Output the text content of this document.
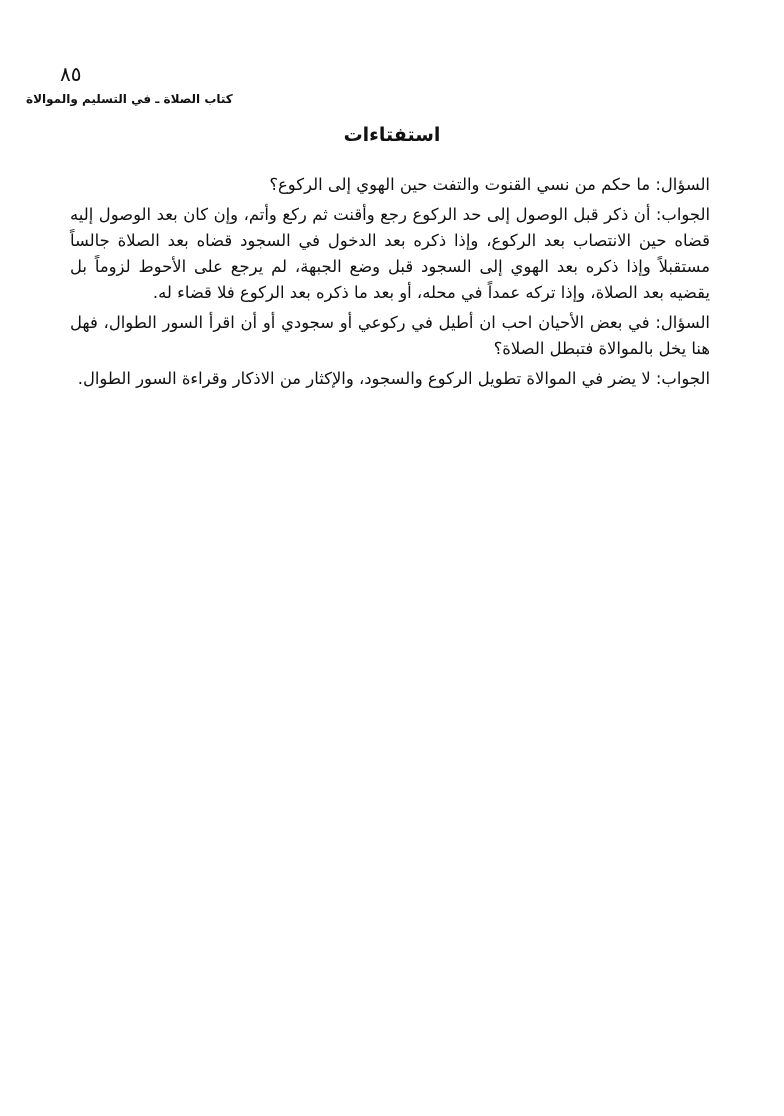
٨٥
كتاب الصلاة ـ في التسليم والموالاة
استفتاءات

السؤال: ما حكم من نسي القنوت والتفت حين الهوي إلى الركوع؟

الجواب: أن ذكر قبل الوصول إلى حد الركوع رجع وأقنت ثم ركع وأتم، وإن كان بعد الوصول إليه قضاه حين الانتصاب بعد الركوع، وإذا ذكره بعد الدخول في السجود قضاه بعد الصلاة جالساً مستقبلاً وإذا ذكره بعد الهوي إلى السجود قبل وضع الجبهة، لم يرجع على الأحوط لزوماً بل يقضيه بعد الصلاة، وإذا تركه عمداً في محله، أو بعد ما ذكره بعد الركوع فلا قضاء له.

السؤال: في بعض الأحيان احب ان أطيل في ركوعي أو سجودي أو أن اقرأ السور الطوال، فهل هنا يخل بالموالاة فتبطل الصلاة؟

الجواب: لا يضر في الموالاة تطويل الركوع والسجود، والإكثار من الاذكار وقراءة السور الطوال.
